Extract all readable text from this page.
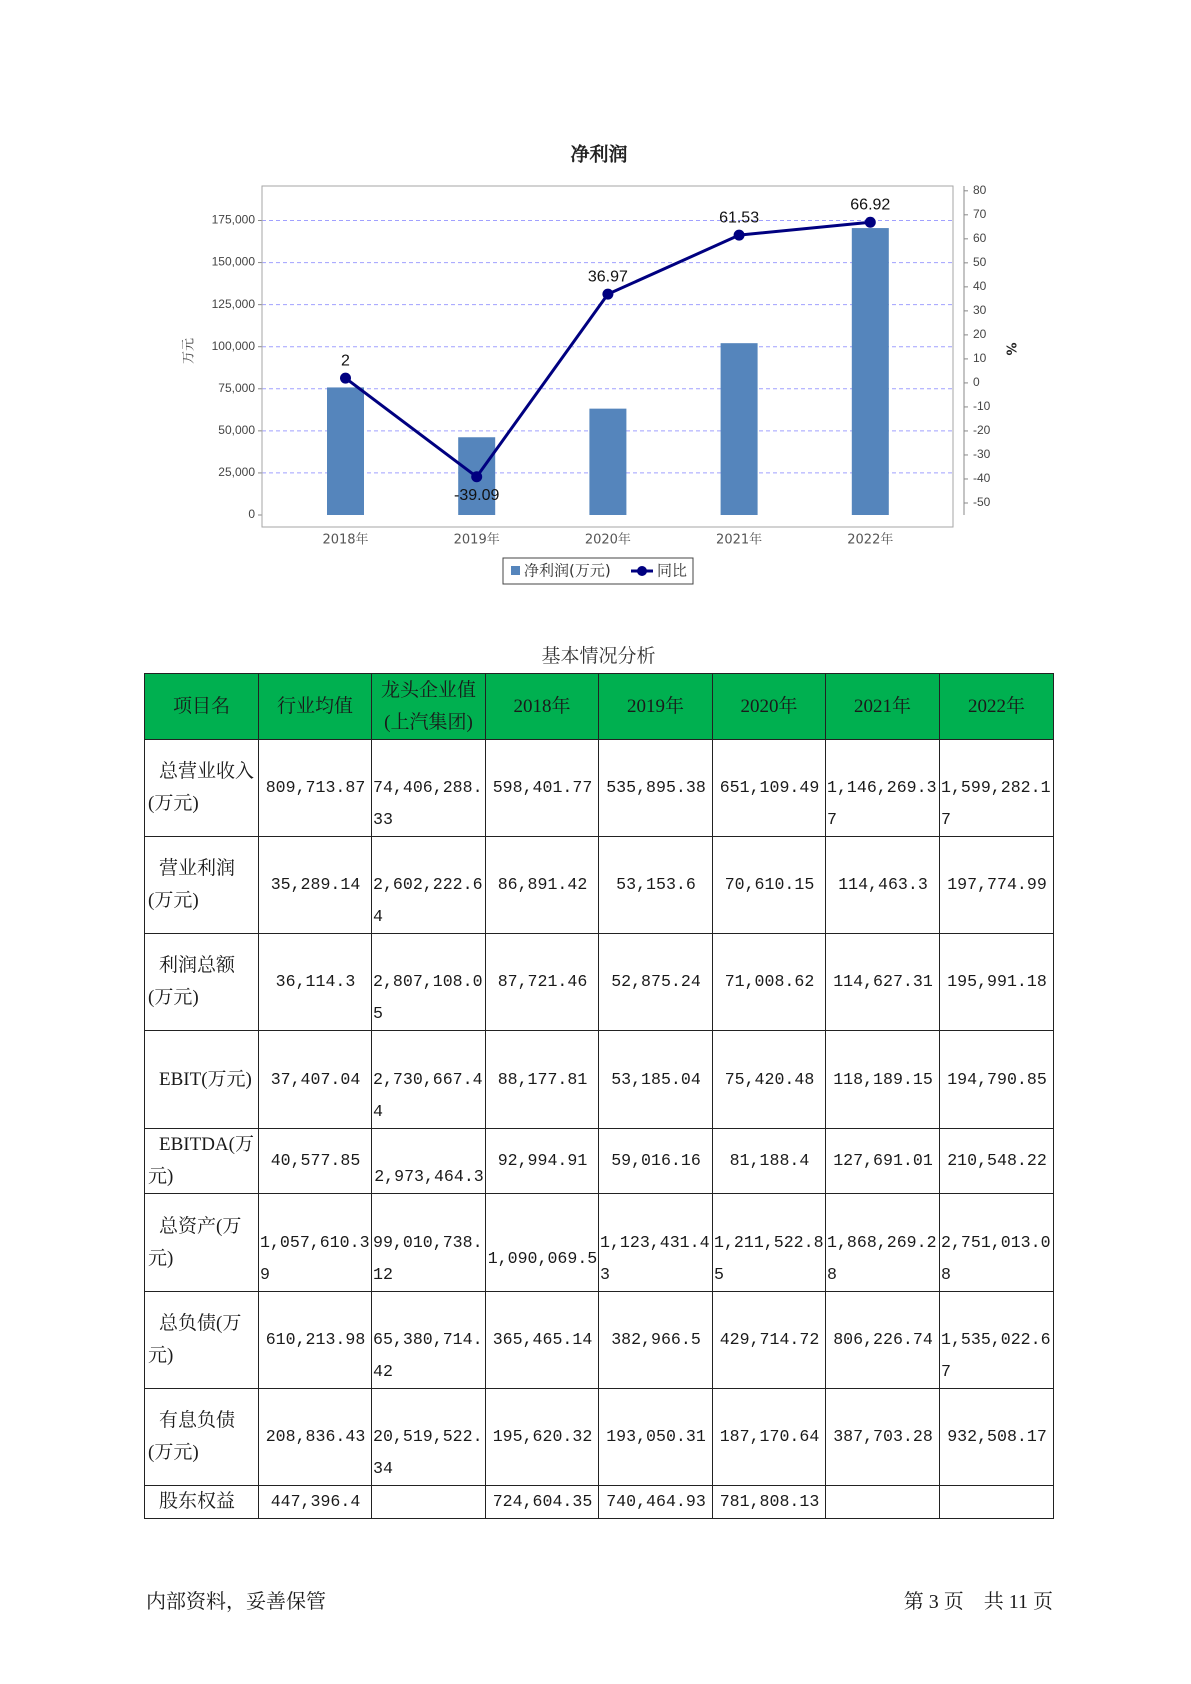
净利润
0
25,000
50,000
75,000
100,000
125,000
150,000
175,000
-50
-40
-30
-20
-10
0
10
20
30
40
50
60
70
80
2
-39.09
36.97
61.53
66.92
2018年	2019年	2020年	2021年	2022年
万元	%
净利润(万元)	同比
基本情况分析
项目名	行业均值	龙头企业值(上汽集团)	2018年	2019年	2020年	2021年	2022年
总营业收入(万元)	809,713.87	74,406,288.33	598,401.77	535,895.38	651,109.49	1,146,269.37	1,599,282.17
营业利润(万元)	35,289.14	2,602,222.64	86,891.42	53,153.6	70,610.15	114,463.3	197,774.99
利润总额(万元)	36,114.3	2,807,108.05	87,721.46	52,875.24	71,008.62	114,627.31	195,991.18
EBIT(万元)	37,407.04	2,730,667.44	88,177.81	53,185.04	75,420.48	118,189.15	194,790.85
EBITDA(万元)	40,577.85	2,973,464.3	92,994.91	59,016.16	81,188.4	127,691.01	210,548.22
总资产(万元)	1,057,610.39	99,010,738.12	1,090,069.5	1,123,431.43	1,211,522.85	1,868,269.28	2,751,013.08
总负债(万元)	610,213.98	65,380,714.42	365,465.14	382,966.5	429,714.72	806,226.74	1,535,022.67
有息负债(万元)	208,836.43	20,519,522.34	195,620.32	193,050.31	187,170.64	387,703.28	932,508.17
股东权益	447,396.4		724,604.35	740,464.93	781,808.13		
内部资料，妥善保管	第 3 页 共 11 页
